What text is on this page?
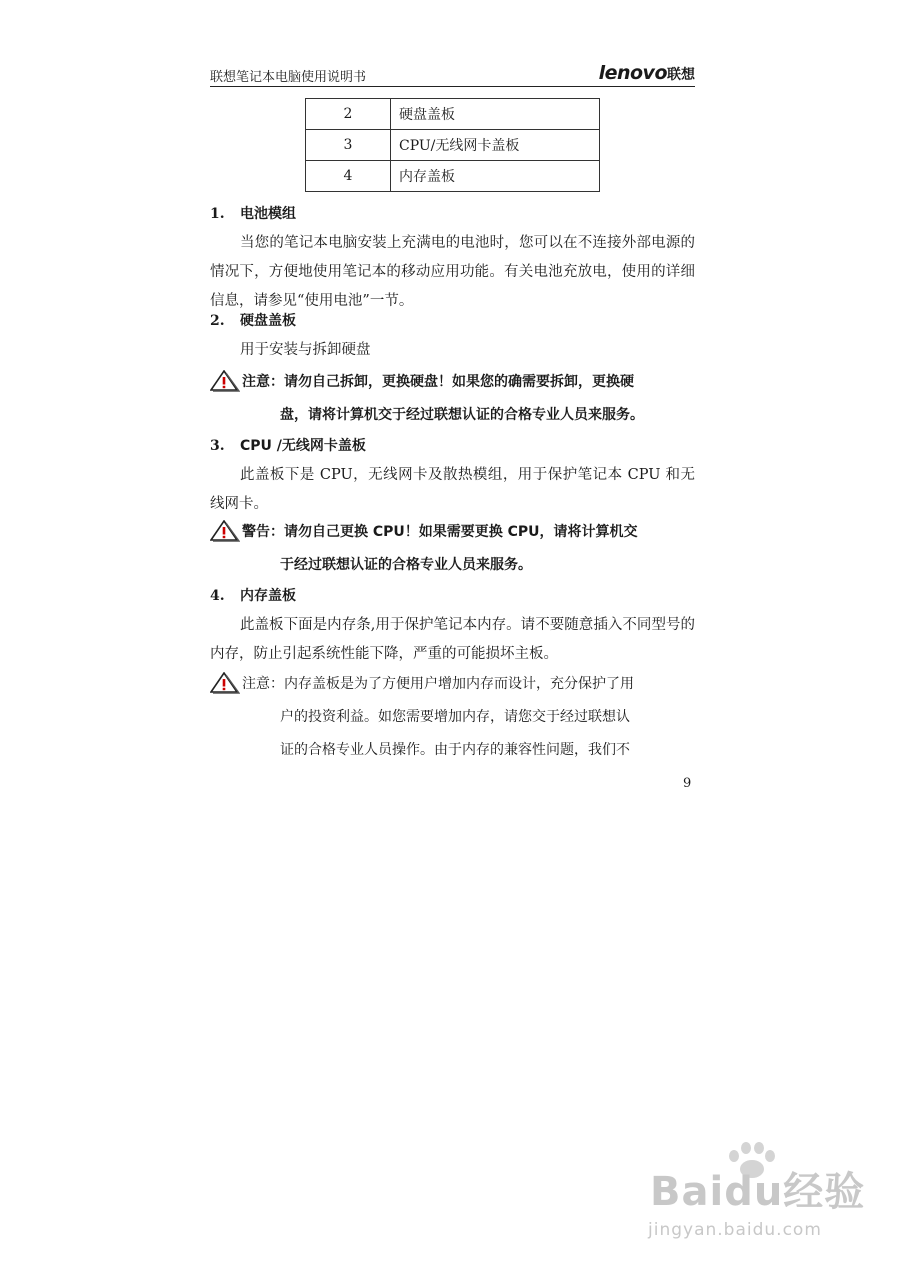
联想笔记本电脑使用说明书	lenovo联想
2	硬盘盖板
3	CPU/无线网卡盖板
4	内存盖板
1. 电池模组
当您的笔记本电脑安装上充满电的电池时，您可以在不连接外部电源的情况下，方便地使用笔记本的移动应用功能。有关电池充放电，使用的详细信息，请参见“使用电池”一节。
2. 硬盘盖板
用于安装与拆卸硬盘
注意：请勿自己拆卸，更换硬盘！如果您的确需要拆卸，更换硬
盘，请将计算机交于经过联想认证的合格专业人员来服务。
3. CPU /无线网卡盖板
此盖板下是 CPU，无线网卡及散热模组，用于保护笔记本 CPU 和无线网卡。
警告：请勿自己更换 CPU！如果需要更换 CPU，请将计算机交
于经过联想认证的合格专业人员来服务。
4. 内存盖板
此盖板下面是内存条,用于保护笔记本内存。请不要随意插入不同型号的内存，防止引起系统性能下降，严重的可能损坏主板。
注意：内存盖板是为了方便用户增加内存而设计，充分保护了用
户的投资利益。如您需要增加内存，请您交于经过联想认
证的合格专业人员操作。由于内存的兼容性问题，我们不
9
Baidu经验
jingyan.baidu.com
